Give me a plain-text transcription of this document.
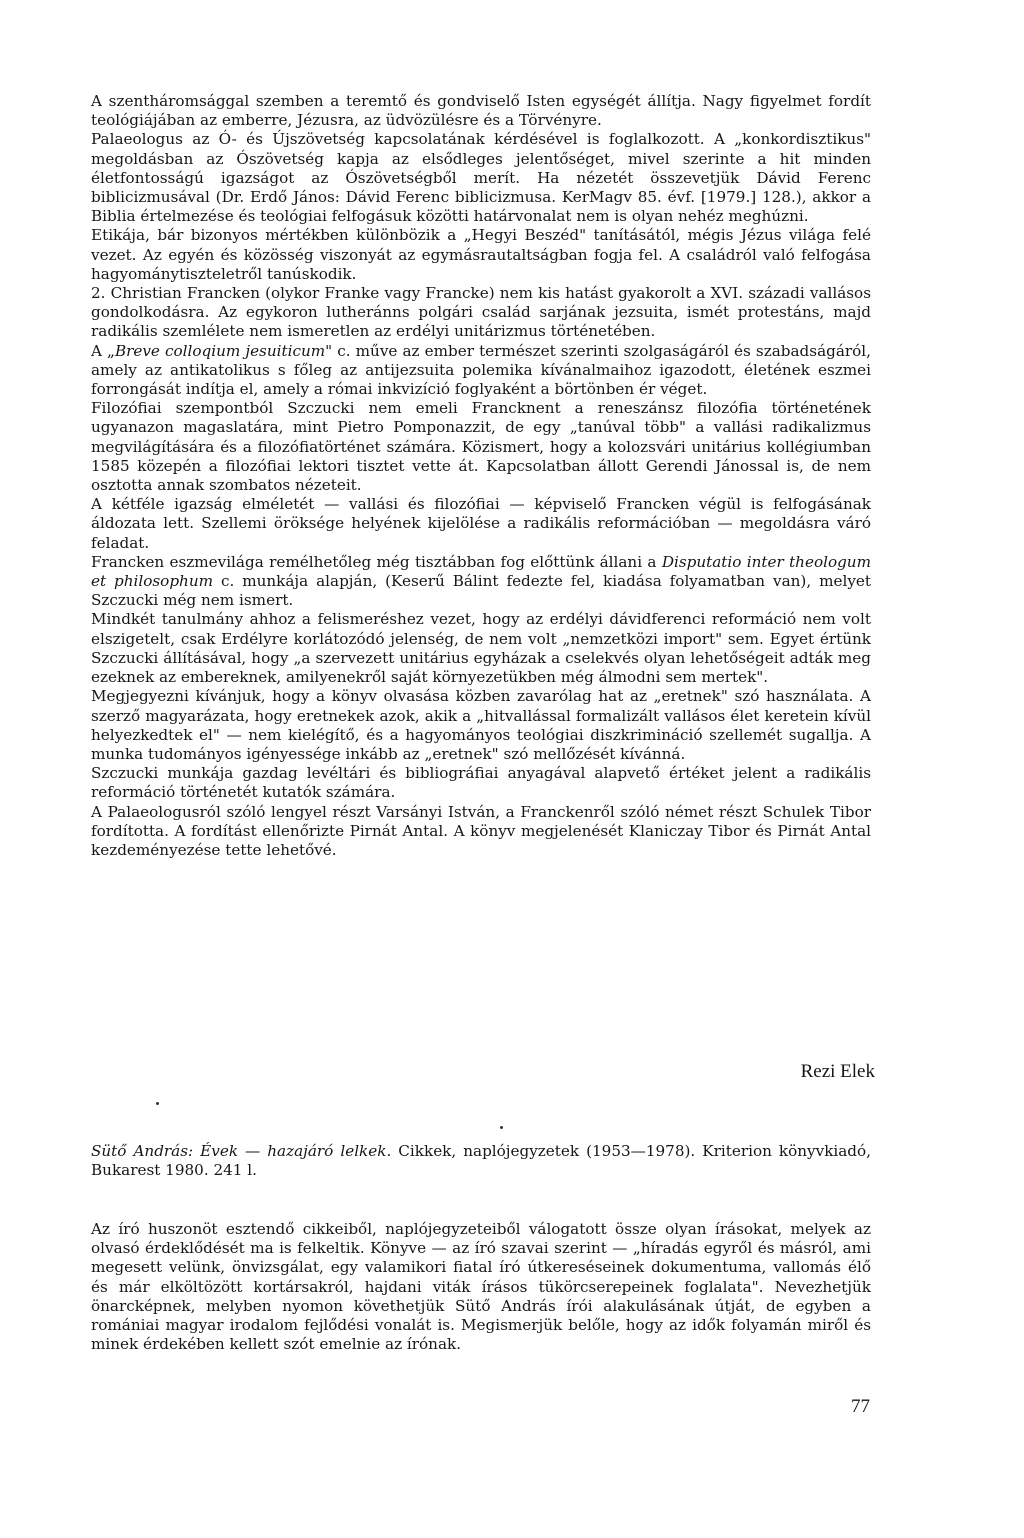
A szentháromsággal szemben a teremtő és gondviselő Isten egységét állítja. Nagy figyelmet fordít teológiájában az emberre, Jézusra, az üdvözülésre és a Törvényre.

Palaeologus az Ó- és Újszövetség kapcsolatának kérdésével is foglalkozott. A „konkordisztikus" megoldásban az Ószövetség kapja az elsődleges jelentőséget, mivel szerinte a hit minden életfontosságú igazságot az Ószövetségből merít. Ha nézetét összevetjük Dávid Ferenc biblicizmusával (Dr. Erdő János: Dávid Ferenc biblicizmusa. KerMagv 85. évf. [1979.] 128.), akkor a Biblia értelmezése és teológiai felfogásuk közötti határvonalat nem is olyan nehéz meghúzni.

Etikája, bár bizonyos mértékben különbözik a „Hegyi Beszéd" tanításától, mégis Jézus világa felé vezet. Az egyén és közösség viszonyát az egymásrautaltságban fogja fel. A családról való felfogása hagyománytiszteletről tanúskodik.

2. Christian Francken (olykor Franke vagy Francke) nem kis hatást gyakorolt a XVI. századi vallásos gondolkodásra. Az egykoron lutheránns polgári család sarjának jezsuita, ismét protestáns, majd radikális szemlélete nem ismeretlen az erdélyi unitárizmus történetében.

A „Breve colloqium jesuiticum" c. műve az ember természet szerinti szolgaságáról és szabadságáról, amely az antikatolikus s főleg az antijezsuita polemika kívánalmaihoz igazodott, életének eszmei forrongását indítja el, amely a római inkvizíció foglyaként a börtönben ér véget.

Filozófiai szempontból Szczucki nem emeli Francknent a reneszánsz filozófia történetének ugyanazon magaslatára, mint Pietro Pomponazzit, de egy „tanúval több" a vallási radikalizmus megvilágítására és a filozófiatörténet számára. Közismert, hogy a kolozsvári unitárius kollégiumban 1585 közepén a filozófiai lektori tisztet vette át. Kapcsolatban állott Gerendi Jánossal is, de nem osztotta annak szombatos nézeteit.

A kétféle igazság elméletét — vallási és filozófiai — képviselő Francken végül is felfogásának áldozata lett. Szellemi öröksége helyének kijelölése a radikális reformációban — megoldásra váró feladat.

Francken eszmevilága remélhetőleg még tisztábban fog előttünk állani a Disputatio inter theologum et philosophum c. munkája alapján, (Keserű Bálint fedezte fel, kiadása folyamatban van), melyet Szczucki még nem ismert.

Mindkét tanulmány ahhoz a felismeréshez vezet, hogy az erdélyi dávidferenci reformáció nem volt elszigetelt, csak Erdélyre korlátozódó jelenség, de nem volt „nemzetközi import" sem. Egyet értünk Szczucki állításával, hogy „a szervezett unitárius egyházak a cselekvés olyan lehetőségeit adták meg ezeknek az embereknek, amilyenekről saját környezetükben még álmodni sem mertek".

Megjegyezni kívánjuk, hogy a könyv olvasása közben zavarólag hat az „eretnek" szó használata. A szerző magyarázata, hogy eretnekek azok, akik a „hitvallással formalizált vallásos élet keretein kívül helyezkedtek el" — nem kielégítő, és a hagyományos teológiai diszkrimináció szellemét sugallja. A munka tudományos igényessége inkább az „eretnek" szó mellőzését kívánná.

Szczucki munkája gazdag levéltári és bibliográfiai anyagával alapvető értéket jelent a radikális reformáció történetét kutatók számára.

A Palaeologusról szóló lengyel részt Varsányi István, a Franckenről szóló német részt Schulek Tibor fordította. A fordítást ellenőrizte Pirnát Antal. A könyv megjelenését Klaniczay Tibor és Pirnát Antal kezdeményezése tette lehetővé.

Rezi Elek
Sütő András: Évek — hazajáró lelkek. Cikkek, naplójegyzetek (1953—1978). Kriterion könyvkiadó, Bukarest 1980. 241 l.
Az író huszonöt esztendő cikkeiből, naplójegyzeteiből válogatott össze olyan írásokat, melyek az olvasó érdeklődését ma is felkeltik. Könyve — az író szavai szerint — „híradás egyről és másról, ami megesett velünk, önvizsgálat, egy valamikori fiatal író útkereséseinek dokumentuma, vallomás élő és már elköltözött kortársakról, hajdani viták írásos tükörcserepeinek foglalata". Nevezhetjük önarcképnek, melyben nyomon követhetjük Sütő András írói alakulásának útját, de egyben a romániai magyar irodalom fejlődési vonalát is. Megismerjük belőle, hogy az idők folyamán miről és minek érdekében kellett szót emelnie az írónak.
77
